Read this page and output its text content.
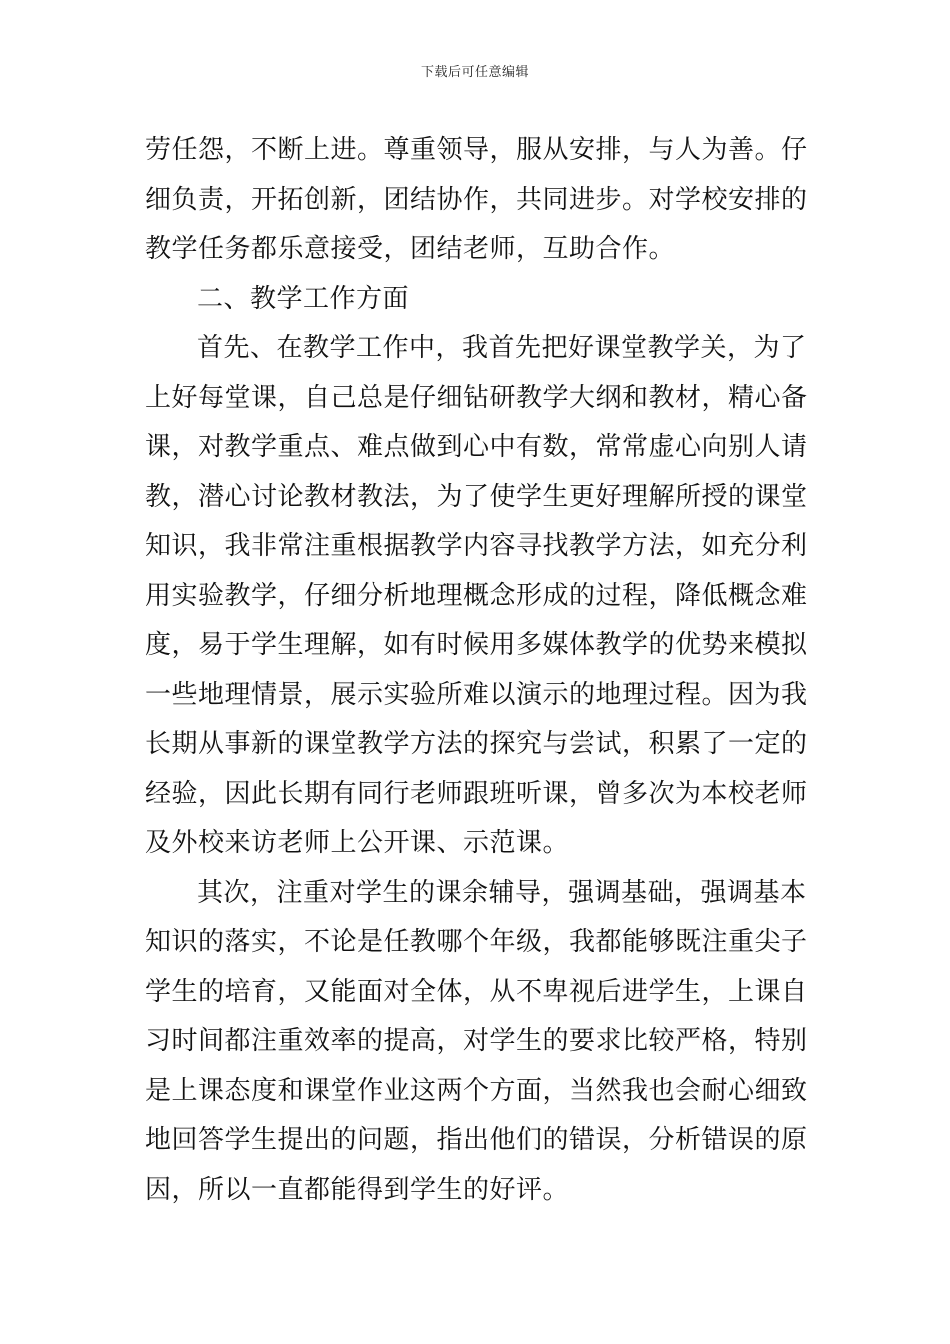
下载后可任意编辑
劳任怨，不断上进。尊重领导，服从安排，与人为善。仔
细负责，开拓创新，团结协作，共同进步。对学校安排的
教学任务都乐意接受，团结老师，互助合作。
二、教学工作方面
首先、在教学工作中，我首先把好课堂教学关，为了
上好每堂课，自己总是仔细钻研教学大纲和教材，精心备
课，对教学重点、难点做到心中有数，常常虚心向别人请
教，潜心讨论教材教法，为了使学生更好理解所授的课堂
知识，我非常注重根据教学内容寻找教学方法，如充分利
用实验教学，仔细分析地理概念形成的过程，降低概念难
度，易于学生理解，如有时候用多媒体教学的优势来模拟
一些地理情景，展示实验所难以演示的地理过程。因为我
长期从事新的课堂教学方法的探究与尝试，积累了一定的
经验，因此长期有同行老师跟班听课，曾多次为本校老师
及外校来访老师上公开课、示范课。
其次，注重对学生的课余辅导，强调基础，强调基本
知识的落实，不论是任教哪个年级，我都能够既注重尖子
学生的培育，又能面对全体，从不卑视后进学生，上课自
习时间都注重效率的提高，对学生的要求比较严格，特别
是上课态度和课堂作业这两个方面，当然我也会耐心细致
地回答学生提出的问题，指出他们的错误，分析错误的原
因，所以一直都能得到学生的好评。
